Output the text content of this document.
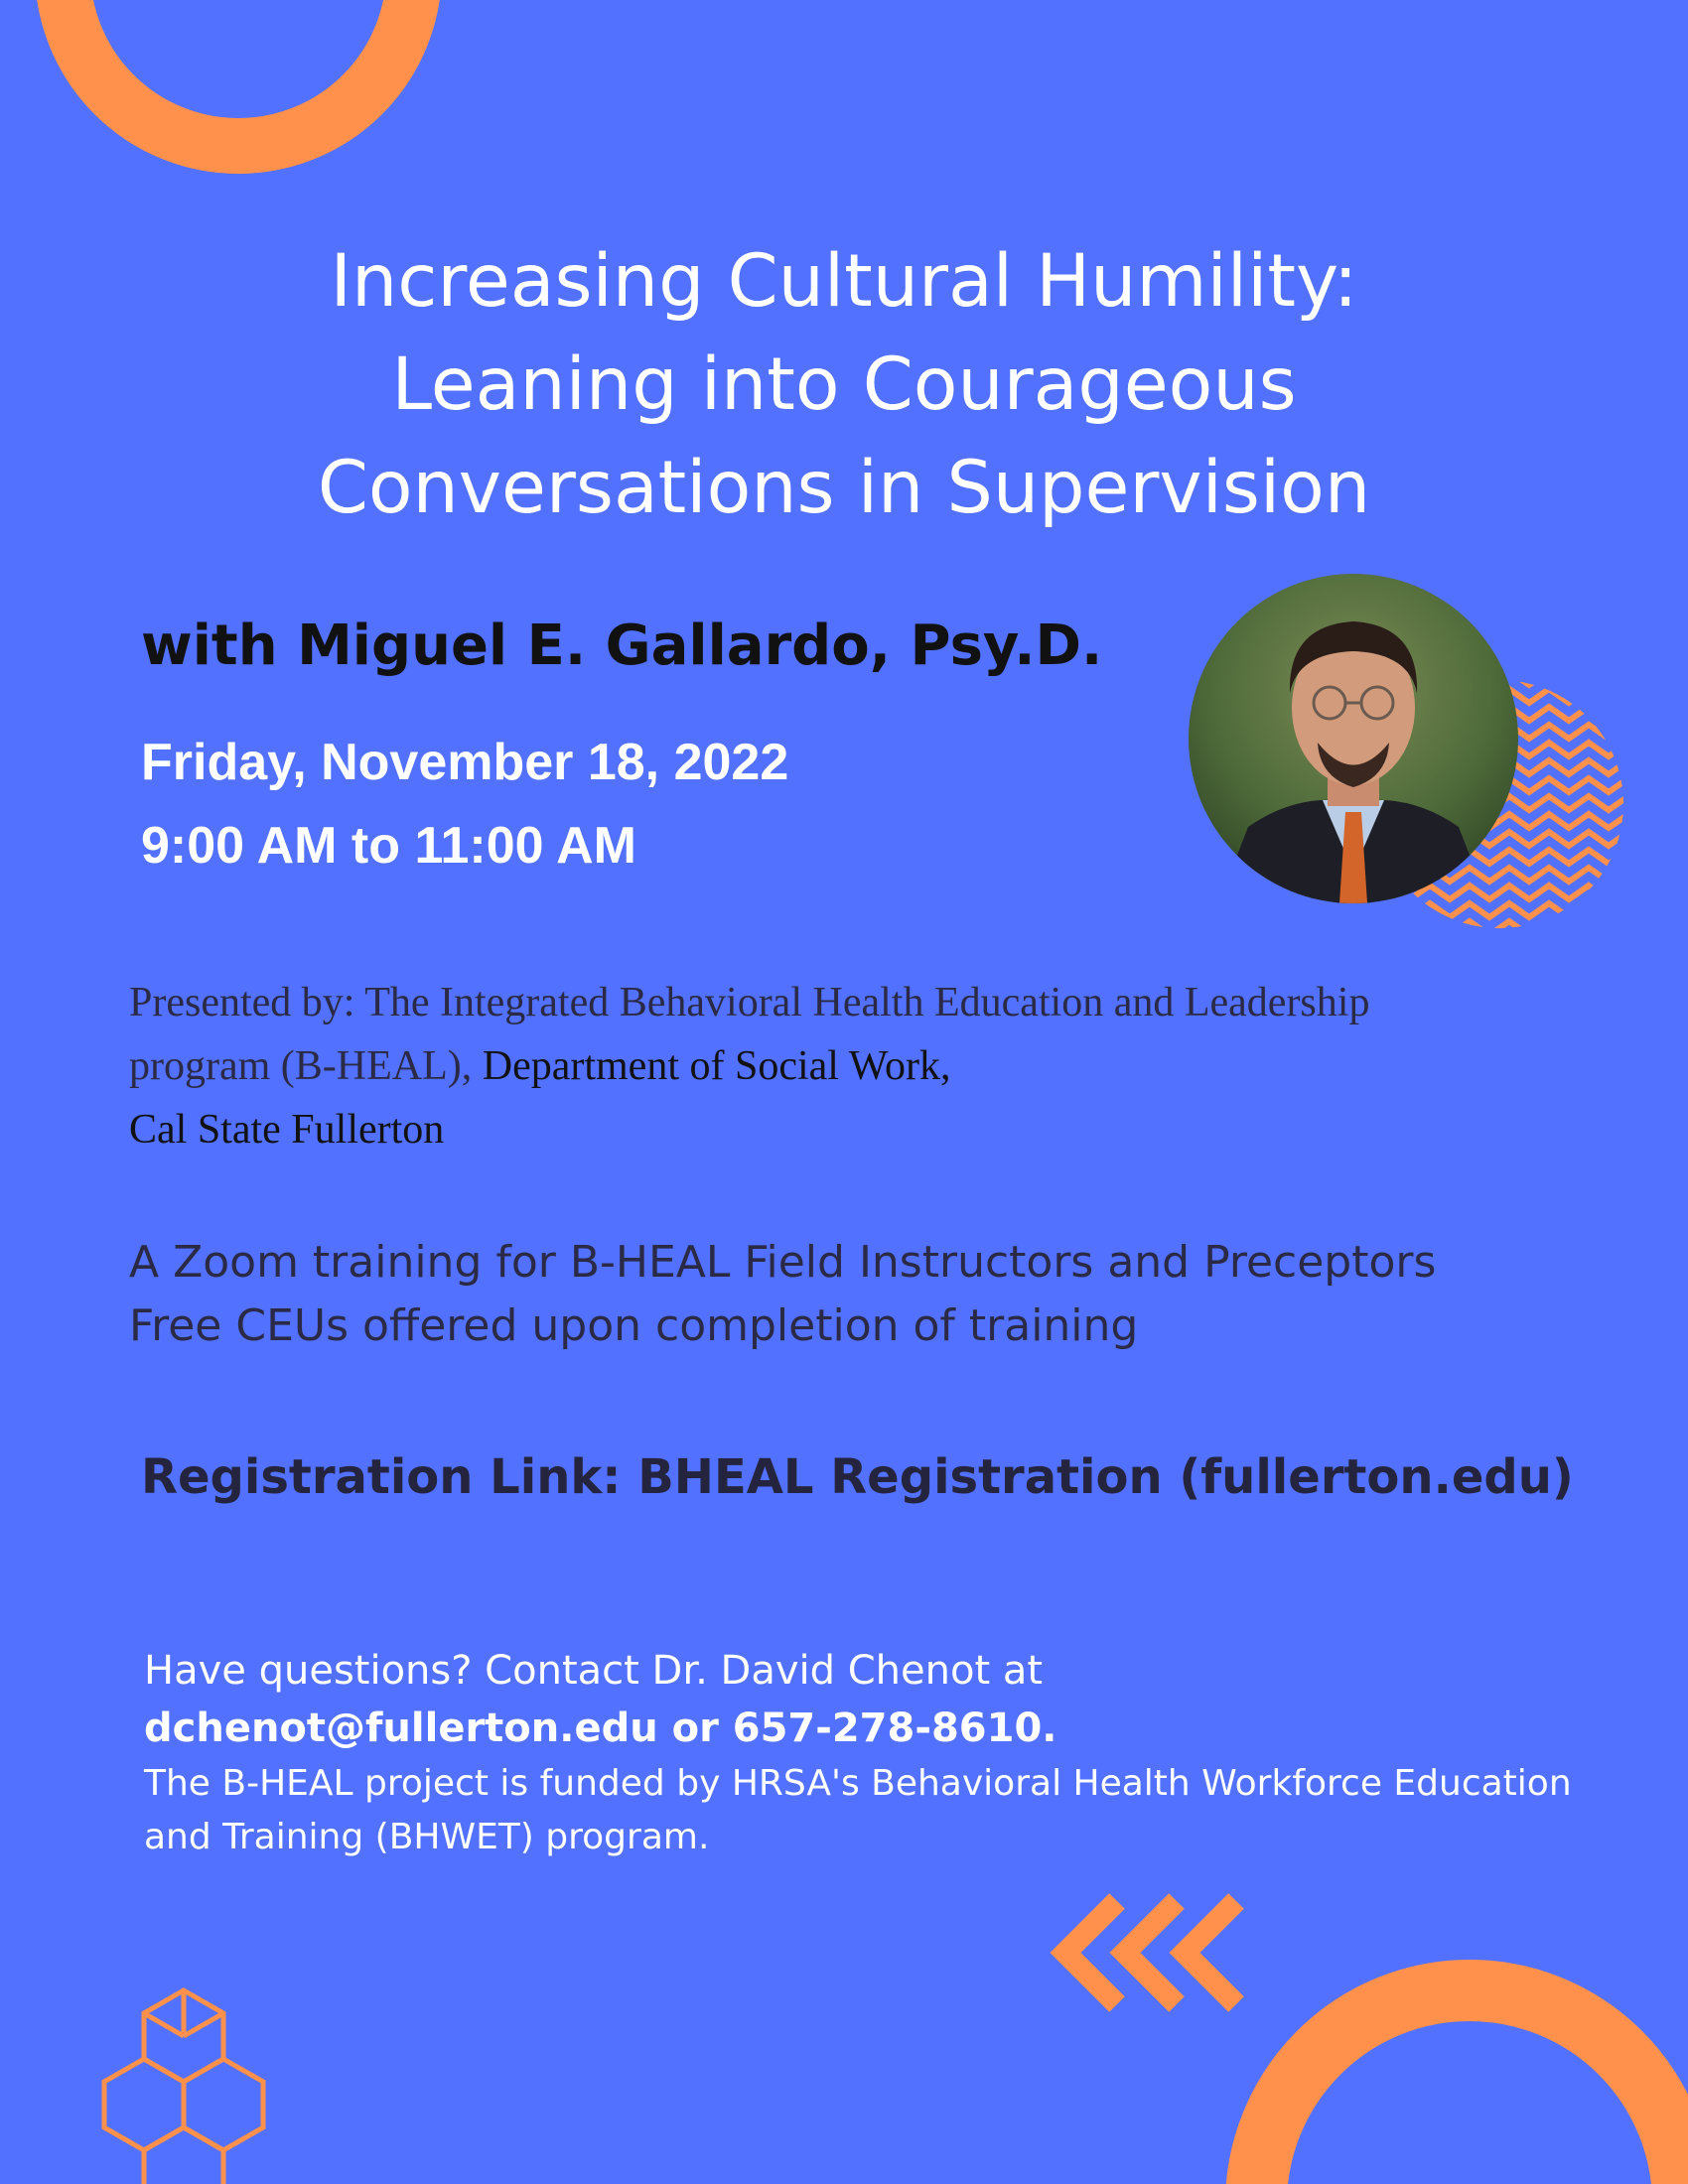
Increasing Cultural Humility:
Leaning into Courageous
Conversations in Supervision
with Miguel E. Gallardo, Psy.D.
Friday, November 18, 2022
9:00 AM to 11:00 AM
Presented by: The Integrated Behavioral Health Education and Leadership program (B-HEAL), Department of Social Work,
Cal State Fullerton
A Zoom training for B-HEAL Field Instructors and Preceptors
Free CEUs offered upon completion of training
Registration Link: BHEAL Registration (fullerton.edu)
Have questions? Contact Dr. David Chenot at
dchenot@fullerton.edu or 657-278-8610.
The B-HEAL project is funded by HRSA's Behavioral Health Workforce Education and Training (BHWET) program.
